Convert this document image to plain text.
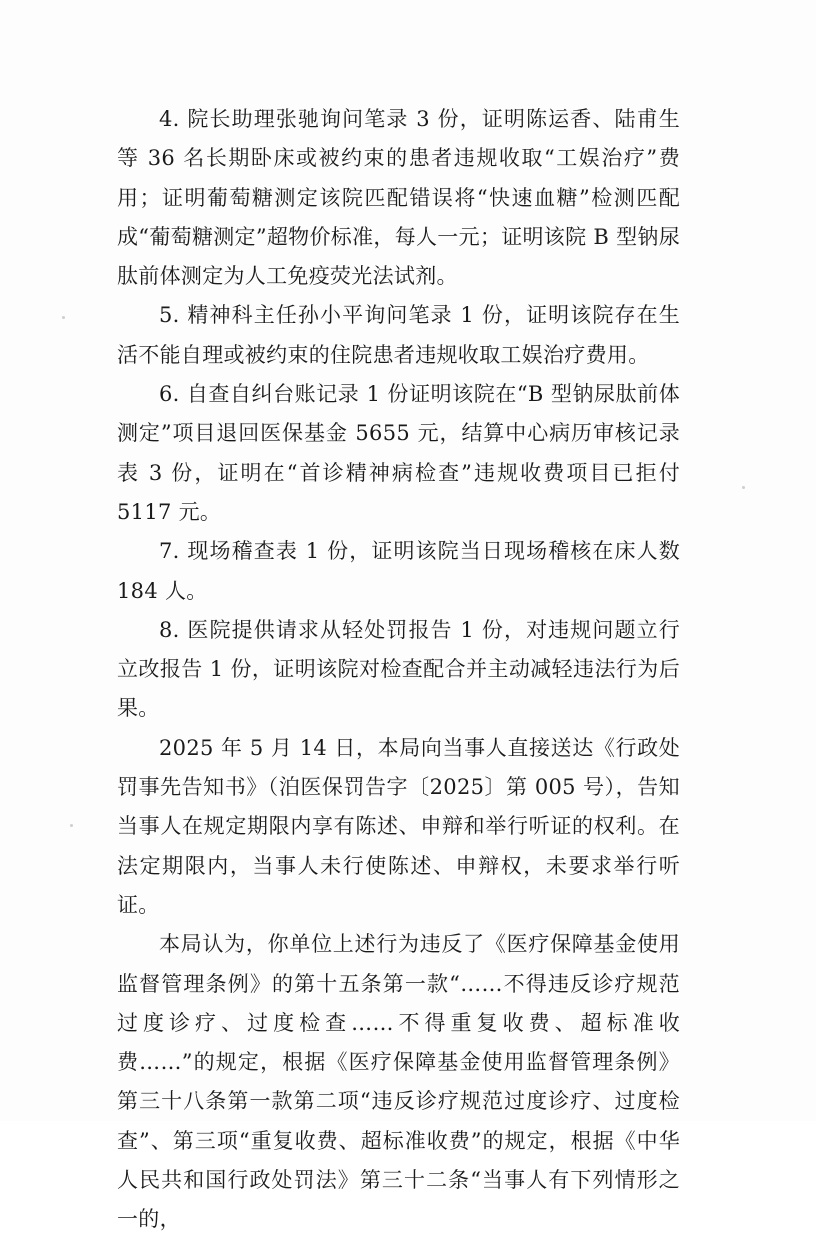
4. 院长助理张驰询问笔录 3 份，证明陈运香、陆甫生等 36 名长期卧床或被约束的患者违规收取“工娱治疗”费用；证明葡萄糖测定该院匹配错误将“快速血糖”检测匹配成“葡萄糖测定”超物价标准，每人一元；证明该院 B 型钠尿肽前体测定为人工免疫荧光法试剂。

5. 精神科主任孙小平询问笔录 1 份，证明该院存在生活不能自理或被约束的住院患者违规收取工娱治疗费用。

6. 自查自纠台账记录 1 份证明该院在“B 型钠尿肽前体测定”项目退回医保基金 5655 元，结算中心病历审核记录表 3 份，证明在“首诊精神病检查”违规收费项目已拒付 5117 元。

7. 现场稽查表 1 份，证明该院当日现场稽核在床人数 184 人。

8. 医院提供请求从轻处罚报告 1 份，对违规问题立行立改报告 1 份，证明该院对检查配合并主动减轻违法行为后果。

2025 年 5 月 14 日，本局向当事人直接送达《行政处罚事先告知书》（泊医保罚告字〔2025〕第 005 号），告知当事人在规定期限内享有陈述、申辩和举行听证的权利。在法定期限内，当事人未行使陈述、申辩权，未要求举行听证。

本局认为，你单位上述行为违反了《医疗保障基金使用监督管理条例》的第十五条第一款“……不得违反诊疗规范过度诊疗、过度检查……不得重复收费、超标准收费……”的规定，根据《医疗保障基金使用监督管理条例》第三十八条第一款第二项“违反诊疗规范过度诊疗、过度检查”、第三项“重复收费、超标准收费”的规定，根据《中华人民共和国行政处罚法》第三十二条“当事人有下列情形之一的，
